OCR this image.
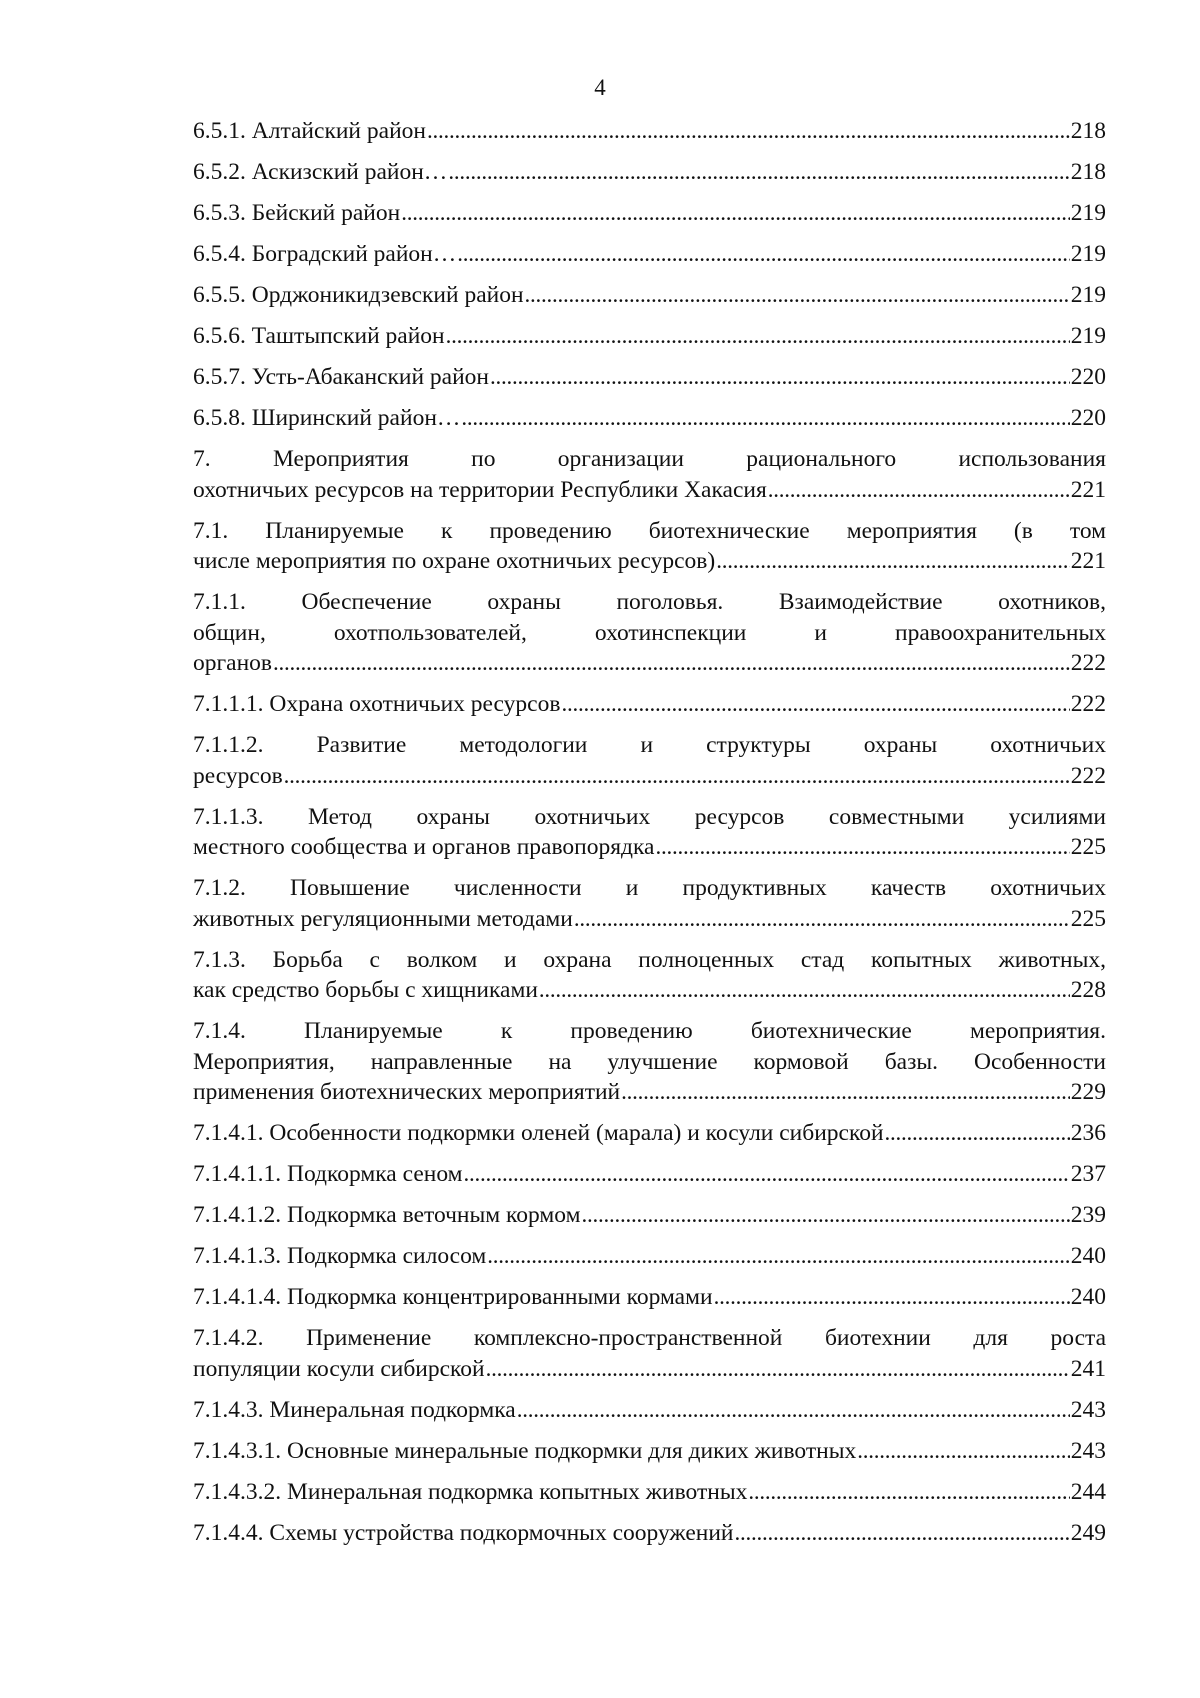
4
6.5.1. Алтайский район . . .	218
6.5.2. Аскизский район… . . .	218
6.5.3. Бейский район . . .	219
6.5.4. Боградский район… . . .	219
6.5.5. Орджоникидзевский район . . .	219
6.5.6. Таштыпский район . . .	219
6.5.7. Усть-Абаканский район . . .	220
6.5.8. Ширинский район… . . .	220
7. Мероприятия по организации рационального использования
охотничьих ресурсов на территории Республики Хакасия . . .	221
7.1. Планируемые к проведению биотехнические мероприятия (в том
числе мероприятия по охране охотничьих ресурсов) . . .	221
7.1.1. Обеспечение охраны поголовья. Взаимодействие охотников,
общин, охотпользователей, охотинспекции и правоохранительных
органов . . .	222
7.1.1.1. Охрана охотничьих ресурсов . . .	222
7.1.1.2. Развитие методологии и структуры охраны охотничьих
ресурсов . . .	222
7.1.1.3. Метод охраны охотничьих ресурсов совместными усилиями
местного сообщества и органов правопорядка . . .	225
7.1.2. Повышение численности и продуктивных качеств охотничьих
животных регуляционными методами . . .	225
7.1.3. Борьба с волком и охрана полноценных стад копытных животных,
как средство борьбы с хищниками . . .	228
7.1.4. Планируемые к проведению биотехнические мероприятия.
Мероприятия, направленные на улучшение кормовой базы. Особенности
применения биотехнических мероприятий . . .	229
7.1.4.1. Особенности подкормки оленей (марала) и косули сибирской . . .	236
7.1.4.1.1. Подкормка сеном . . .	237
7.1.4.1.2. Подкормка веточным кормом . . .	239
7.1.4.1.3. Подкормка силосом . . .	240
7.1.4.1.4. Подкормка концентрированными кормами . . .	240
7.1.4.2. Применение комплексно-пространственной биотехнии для роста
популяции косули сибирской . . .	241
7.1.4.3. Минеральная подкормка . . .	243
7.1.4.3.1. Основные минеральные подкормки для диких животных . . .	243
7.1.4.3.2. Минеральная подкормка копытных животных . . .	244
7.1.4.4. Схемы устройства подкормочных сооружений . . .	249
